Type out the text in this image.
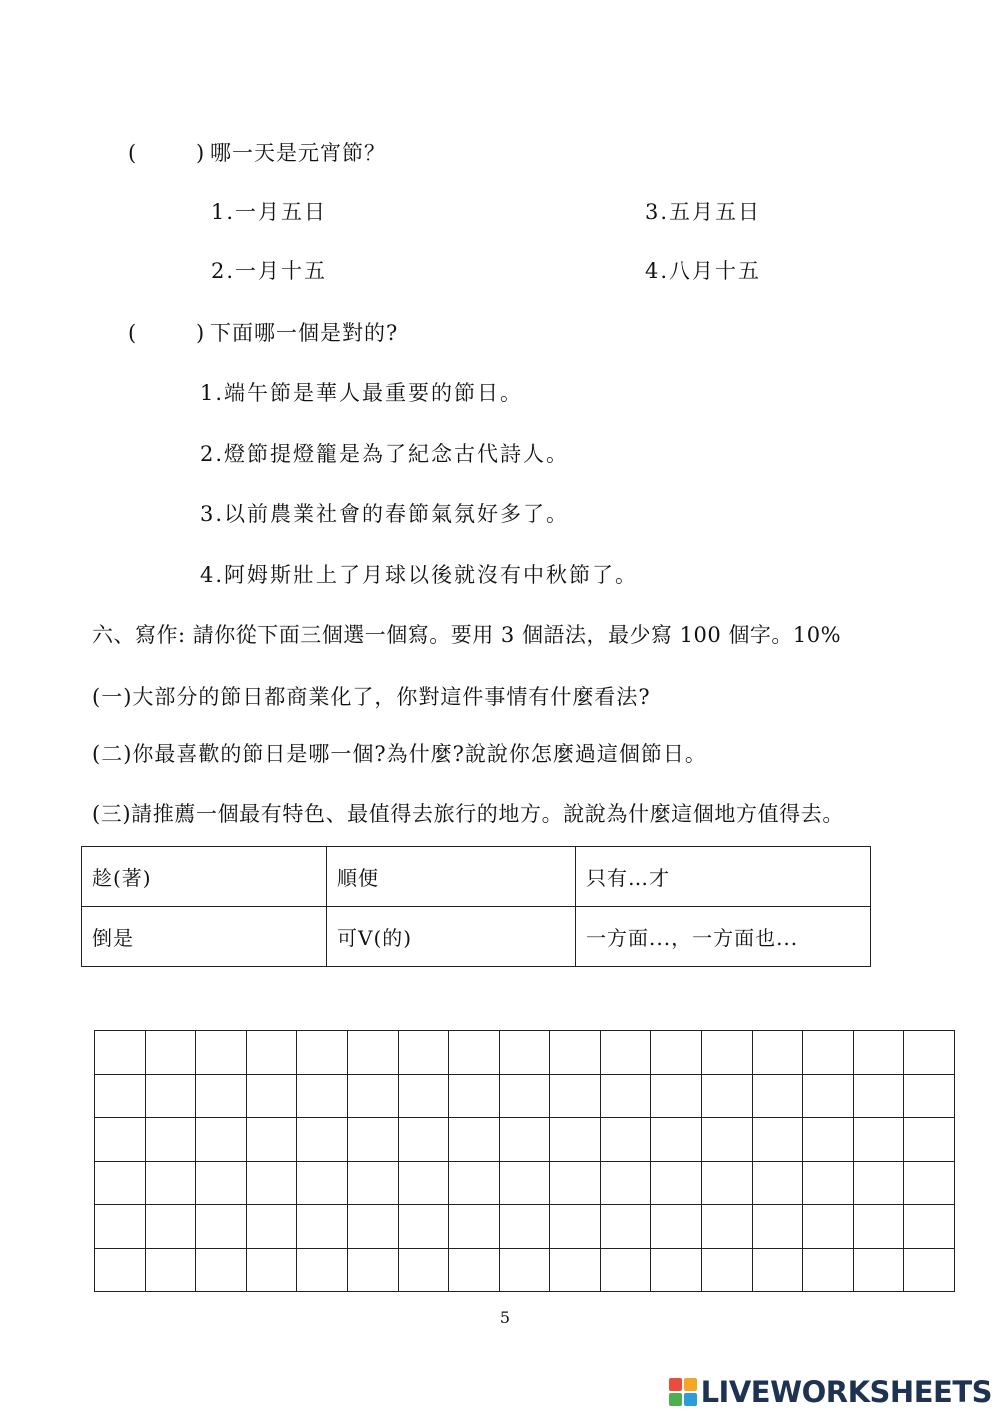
(	) 哪一天是元宵節？
1.一月五日
2.一月十五
3.五月五日
4.八月十五
(	) 下面哪一個是對的?
1.端午節是華人最重要的節日。
2.燈節提燈籠是為了紀念古代詩人。
3.以前農業社會的春節氣氛好多了。
4.阿姆斯壯上了月球以後就沒有中秋節了。
六、寫作: 請你從下面三個選一個寫。要用 3 個語法，最少寫 100 個字。10%
(一)大部分的節日都商業化了，你對這件事情有什麼看法?
(二)你最喜歡的節日是哪一個?為什麼?說說你怎麼過這個節日。
(三)請推薦一個最有特色、最值得去旅行的地方。說說為什麼這個地方值得去。
趁(著)	順便	只有…才
倒是	可V(的)	一方面...，一方面也...
5
LIVEWORKSHEETS
